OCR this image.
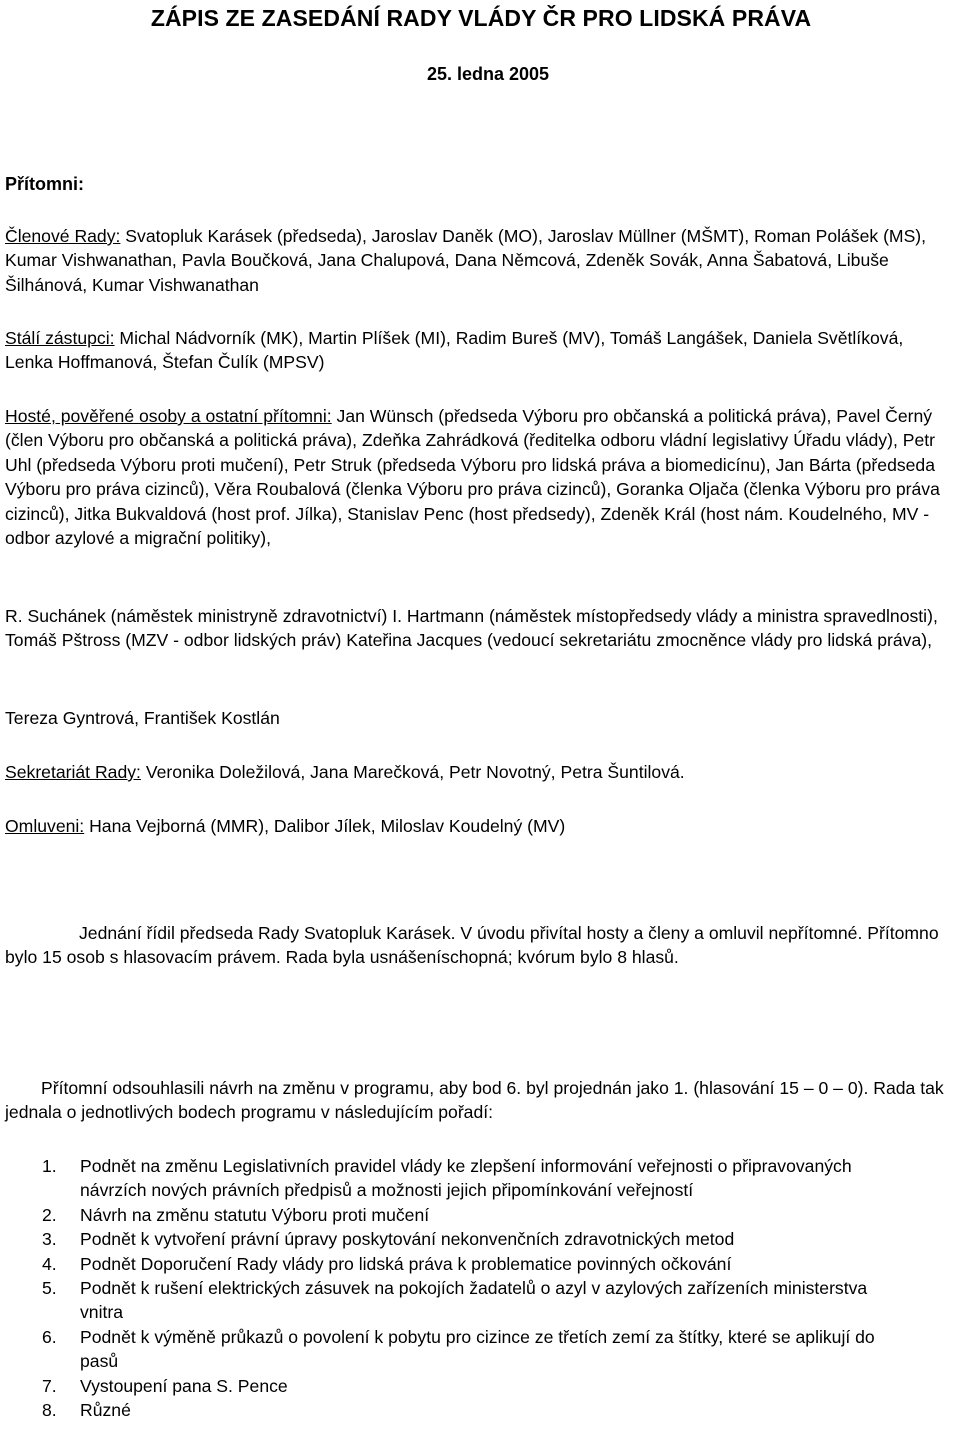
ZÁPIS ZE ZASEDÁNÍ RADY VLÁDY ČR PRO LIDSKÁ PRÁVA
25. ledna 2005
Přítomni:

Členové Rady: Svatopluk Karásek (předseda), Jaroslav Daněk (MO), Jaroslav Müllner (MŠMT), Roman Polášek (MS), Kumar Vishwanathan, Pavla Boučková, Jana Chalupová, Dana Němcová, Zdeněk Sovák, Anna Šabatová, Libuše Šilhánová, Kumar Vishwanathan

Stálí zástupci: Michal Nádvorník (MK), Martin Plíšek (MI), Radim Bureš (MV), Tomáš Langášek, Daniela Světlíková, Lenka Hoffmanová, Štefan Čulík (MPSV)

Hosté, pověřené osoby a ostatní přítomni: Jan Wünsch (předseda Výboru pro občanská a politická práva), Pavel Černý (člen Výboru pro občanská a politická práva), Zdeňka Zahrádková (ředitelka odboru vládní legislativy Úřadu vlády), Petr Uhl (předseda Výboru proti mučení), Petr Struk (předseda Výboru pro lidská práva a biomedicínu), Jan Bárta (předseda Výboru pro práva cizinců), Věra Roubalová (členka Výboru pro práva cizinců), Goranka Oljača (členka Výboru pro práva cizinců), Jitka Bukvaldová (host prof. Jílka), Stanislav Penc (host předsedy), Zdeněk Král (host nám. Koudelného, MV - odbor azylové a migrační politiky),

R. Suchánek (náměstek ministryně zdravotnictví) I. Hartmann (náměstek místopředsedy vlády a ministra spravedlnosti), Tomáš Pštross (MZV - odbor lidských práv) Kateřina Jacques (vedoucí sekretariátu zmocněnce vlády pro lidská práva),

Tereza Gyntrová, František Kostlán

Sekretariát Rady: Veronika Doležilová, Jana Marečková, Petr Novotný, Petra Šuntilová.

Omluveni: Hana Vejborná (MMR), Dalibor Jílek, Miloslav Koudelný (MV)

Jednání řídil předseda Rady Svatopluk Karásek. V úvodu přivítal hosty a členy a omluvil nepřítomné. Přítomno bylo 15 osob s hlasovacím právem. Rada byla usnášeníschopná; kvórum bylo 8 hlasů.

Přítomní odsouhlasili návrh na změnu v programu, aby bod 6. byl projednán jako 1. (hlasování 15 – 0 – 0). Rada tak jednala o jednotlivých bodech programu v následujícím pořadí:

1.	Podnět na změnu Legislativních pravidel vlády ke zlepšení informování veřejnosti o připravovaných návrzích nových právních předpisů a možnosti jejich připomínkování veřejností
2.	Návrh na změnu statutu Výboru proti mučení
3.	Podnět k vytvoření právní úpravy poskytování nekonvenčních zdravotnických metod
4.	Podnět Doporučení Rady vlády pro lidská práva k problematice povinných očkování
5.	Podnět k rušení elektrických zásuvek na pokojích žadatelů o azyl v azylových zařízeních ministerstva vnitra
6.	Podnět k výměně průkazů o povolení k pobytu pro cizince ze třetích zemí za štítky, které se aplikují do pasů
7.	Vystoupení pana S. Pence
8.	Různé
